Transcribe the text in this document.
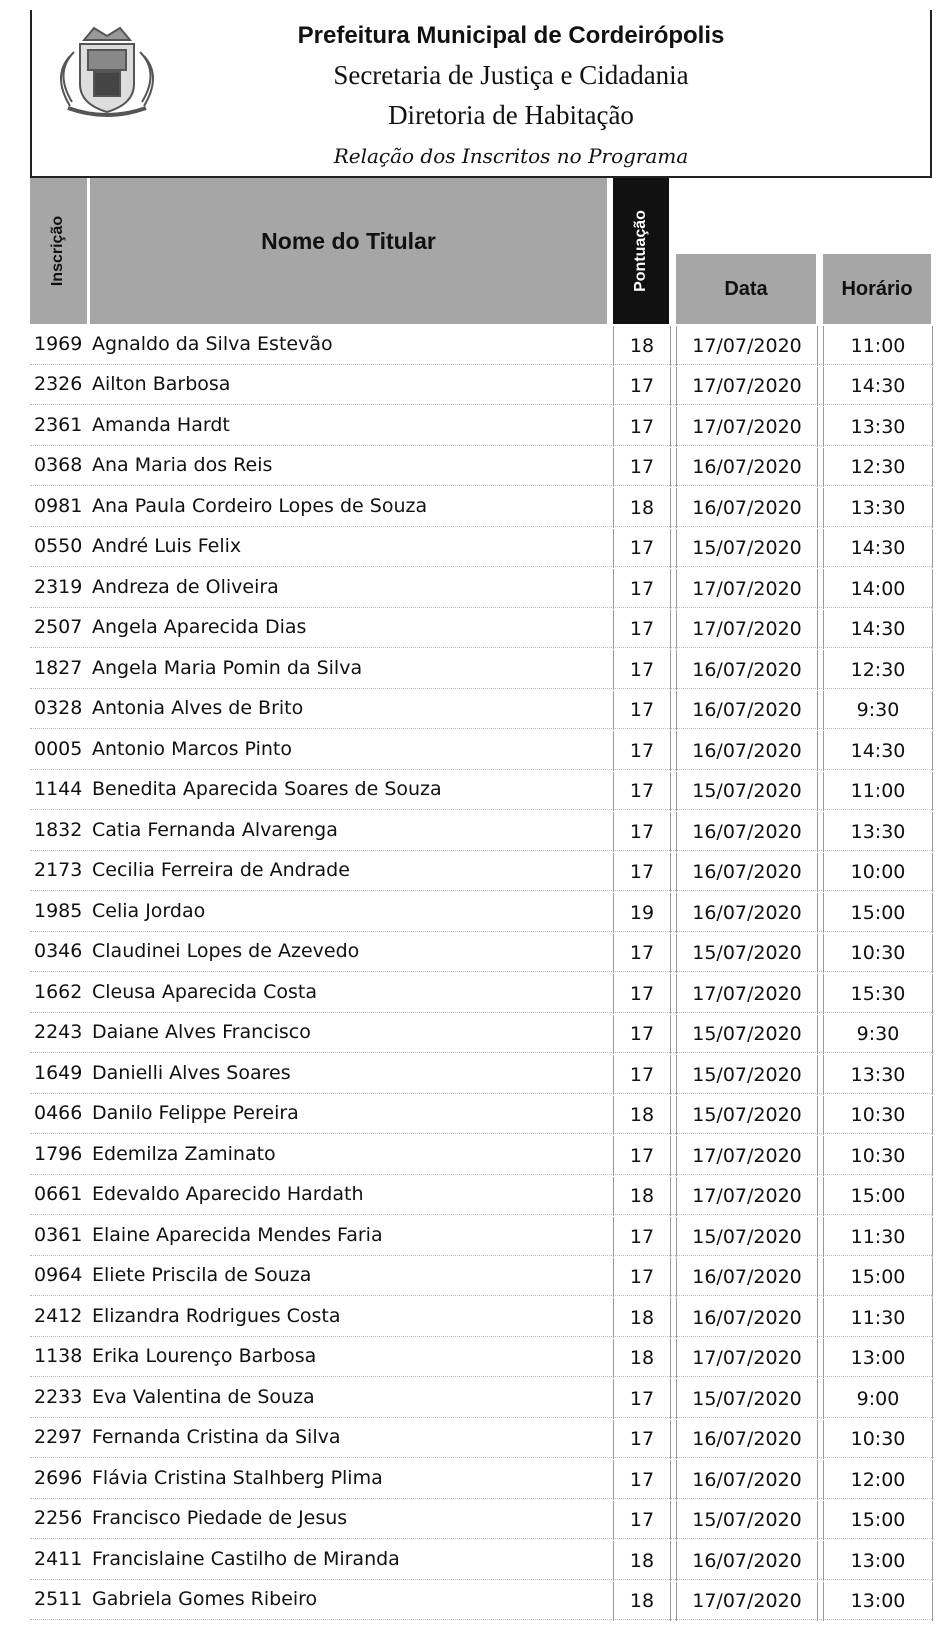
Prefeitura Municipal de Cordeirópolis
Secretaria de Justiça e Cidadania
Diretoria de Habitação
Relação dos Inscritos no Programa
Inscrição	Nome do Titular	Pontuação	Data	Horário
1969 Agnaldo da Silva Estevão	18	17/07/2020	11:00
2326 Ailton Barbosa	17	17/07/2020	14:30
2361 Amanda Hardt	17	17/07/2020	13:30
0368 Ana Maria dos Reis	17	16/07/2020	12:30
0981 Ana Paula Cordeiro Lopes de Souza	18	16/07/2020	13:30
0550 André Luis Felix	17	15/07/2020	14:30
2319 Andreza de Oliveira	17	17/07/2020	14:00
2507 Angela Aparecida Dias	17	17/07/2020	14:30
1827 Angela Maria Pomin da Silva	17	16/07/2020	12:30
0328 Antonia Alves de Brito	17	16/07/2020	9:30
0005 Antonio Marcos Pinto	17	16/07/2020	14:30
1144 Benedita Aparecida Soares de Souza	17	15/07/2020	11:00
1832 Catia Fernanda Alvarenga	17	16/07/2020	13:30
2173 Cecilia Ferreira de Andrade	17	16/07/2020	10:00
1985 Celia Jordao	19	16/07/2020	15:00
0346 Claudinei Lopes de Azevedo	17	15/07/2020	10:30
1662 Cleusa Aparecida Costa	17	17/07/2020	15:30
2243 Daiane Alves Francisco	17	15/07/2020	9:30
1649 Danielli Alves Soares	17	15/07/2020	13:30
0466 Danilo Felippe Pereira	18	15/07/2020	10:30
1796 Edemilza Zaminato	17	17/07/2020	10:30
0661 Edevaldo Aparecido Hardath	18	17/07/2020	15:00
0361 Elaine Aparecida Mendes Faria	17	15/07/2020	11:30
0964 Eliete Priscila de Souza	17	16/07/2020	15:00
2412 Elizandra Rodrigues Costa	18	16/07/2020	11:30
1138 Erika Lourenço Barbosa	18	17/07/2020	13:00
2233 Eva Valentina de Souza	17	15/07/2020	9:00
2297 Fernanda Cristina da Silva	17	16/07/2020	10:30
2696 Flávia Cristina Stalhberg Plima	17	16/07/2020	12:00
2256 Francisco Piedade de Jesus	17	15/07/2020	15:00
2411 Francislaine Castilho de Miranda	18	16/07/2020	13:00
2511 Gabriela Gomes Ribeiro	18	17/07/2020	13:00
